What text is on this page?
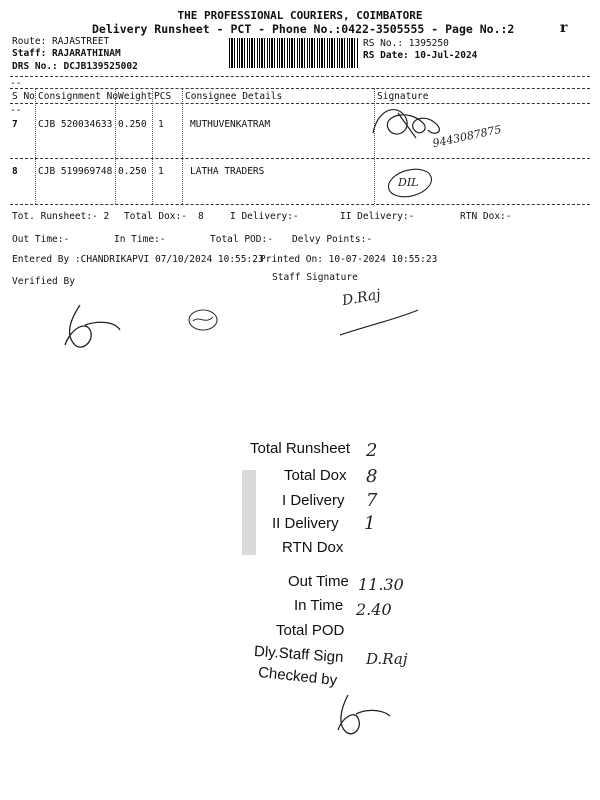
THE PROFESSIONAL COURIERS, COIMBATORE
Delivery Runsheet - PCT - Phone No.:0422-3505555 - Page No.:2	r
Route: RAJASTREET
Staff: RAJARATHINAM
DRS No.: DCJB139525002
RS No.: 1395250
RS Date: 10-Jul-2024
--
S No Consignment No Weight PCS Consignee Details	Signature
--
7 CJB 520034633 0.250 1	MUTHUVENKATRAM	9443087875
8 CJB 519969748 0.250 1	LATHA TRADERS
DIL
Tot. Runsheet:- 2 Total Dox:- 8	I Delivery:-	II Delivery:-	RTN Dox:-
Out Time:-	In Time:-	Total POD:- Delvy Points:-
Entered By :CHANDRIKAPVI 07/10/2024 10:55:23
Printed On: 10-07-2024 10:55:23
Verified By	Staff Signature
D.Raj
Total Runsheet 2
Total Dox 8
I Delivery 7
II Delivery 1
RTN Dox
Out Time 11.30
In Time 2.40
Total POD
Dly.Staff Sign D.Raj
Checked by
